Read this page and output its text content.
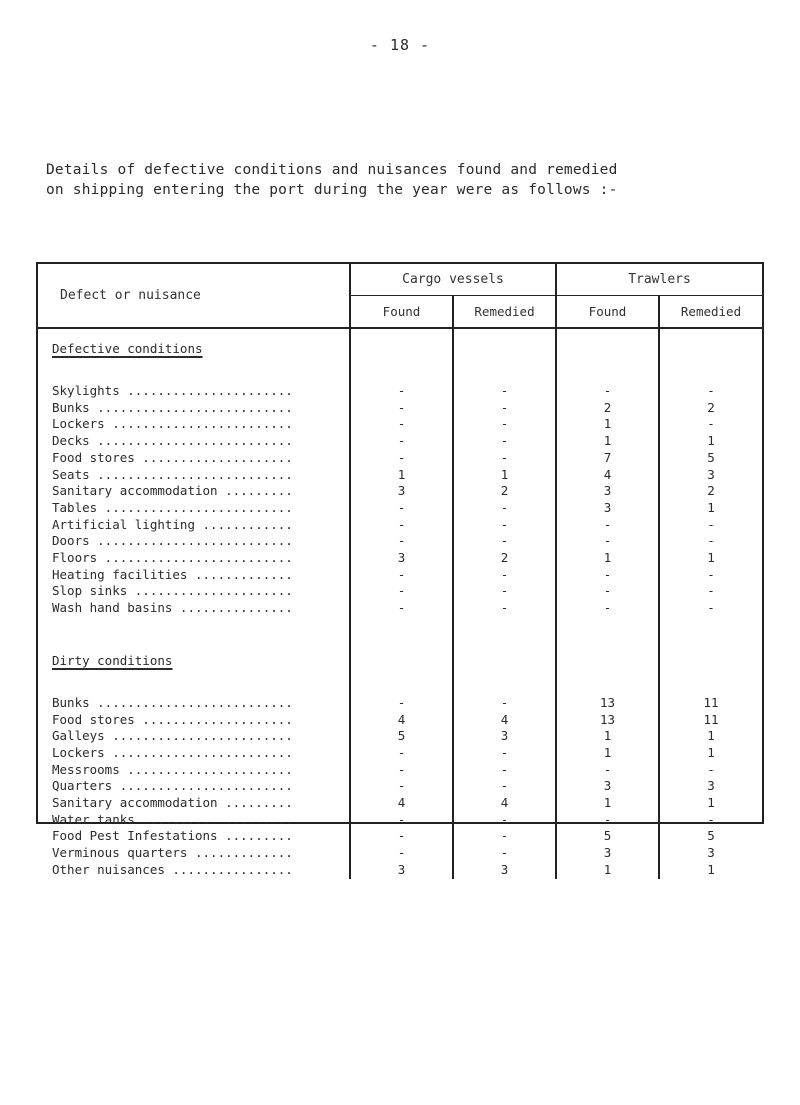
- 18 -

Details of defective conditions and nuisances found and remedied

on shipping entering the port during the year were as follows :-

Defect or nuisance	Cargo vessels		Trawlers	
	Found	Remedied	Found	Remedied
Defective conditions				

Skylights ......................	-	-	-	-
Bunks ..........................	-	-	2	2
Lockers ........................	-	-	1	-
Decks ..........................	-	-	1	1
Food stores ....................	-	-	7	5
Seats ..........................	1	1	4	3
Sanitary accommodation .........	3	2	3	2
Tables .........................	-	-	3	1
Artificial lighting ............	-	-	-	-
Doors ..........................	-	-	-	-
Floors .........................	3	2	1	1
Heating facilities .............	-	-	-	-
Slop sinks .....................	-	-	-	-
Wash hand basins ...............	-	-	-	-

Dirty conditions				

Bunks ..........................	-	-	13	11
Food stores ....................	4	4	13	11
Galleys ........................	5	3	1	1
Lockers ........................	-	-	1	1
Messrooms ......................	-	-	-	-
Quarters .......................	-	-	3	3
Sanitary accommodation .........	4	4	1	1
Water tanks ....................	-	-	-	-
Food Pest Infestations .........	-	-	5	5
Verminous quarters .............	-	-	3	3
Other nuisances ................	3	3	1	1
